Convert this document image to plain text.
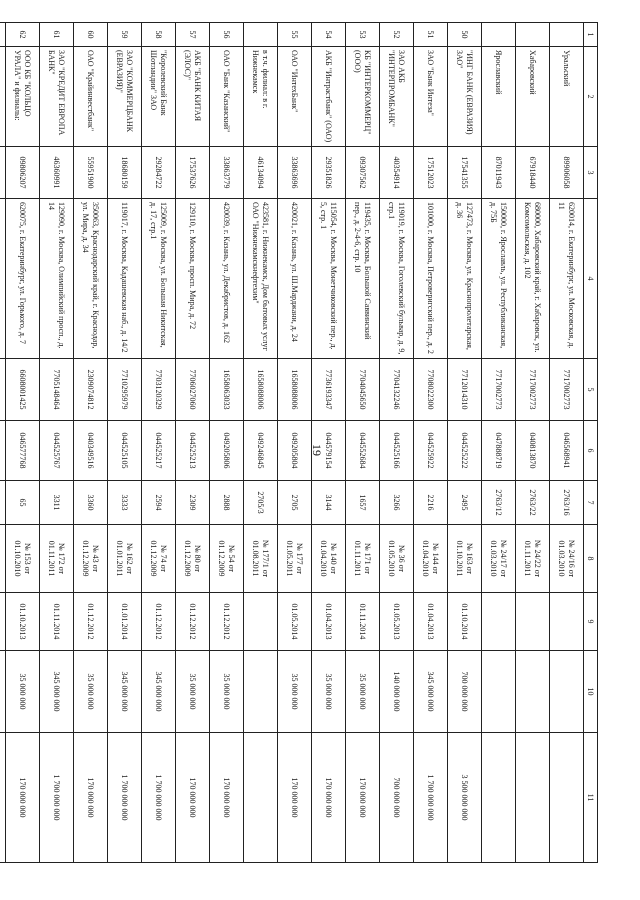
19
1	2	3	4	5	6	7	8	9	10	11
	Уральский	89906058	620014, г. Екатеринбург, ул. Московская, д. 11	7717002773	046568941	2763/16	№ 24/16 от 01.03.2010			
	Хабаровский	67918440	680000, Хабаровский край, г. Хабаровск, ул. Комсомольская, д. 102	7717002773	040813870	2763/22	№ 24/22 от 01.11.2011			
	Ярославский	87011943	150000, г. Ярославль, ул. Республиканская, д. 75Б	7717002773	047888719	2763/12	№ 24/17 от 01.03.2010			
50	"ИНГ БАНК (ЕВРАЗИЯ) ЗАО"	17541355	127473, г. Москва, ул. Краснопролетарская, д. 36	7712014310	044525222	2495	№ 163 от 01.10.2011	01.10.2014	700 000 000	3 500 000 000
51	ЗАО "Банк Интеза"	17512023	101000, г. Москва, Петроверигский пер., д. 2	7708022300	044525922	2216	№ 144 от 01.04.2010	01.04.2013	345 000 000	1 700 000 000
52	ЗАО АКБ "ИНТЕРПРОМБАНК"	40354914	119019, г. Москва, Гоголевский бульвар, д. 9, стр.1	7704132246	044525166	3266	№ 36 от 01.05.2010	01.05.2013	140 000 000	700 000 000
53	КБ "ИНТЕРКОММЕРЦ" (ООО)	09307562	119435, г. Москва, Большой Саввинский пер., д. 2-4-6, стр. 10	7704045650	044552684	1657	№ 171 от 01.11.2011	01.11.2014	35 000 000	170 000 000
54	АКБ "Интрастбанк" (ОАО)	29351826	115054, г. Москва, Монетчиковский пер., д. 5, стр. 1	7736193347	044579154	3144	№ 140 от 01.04.2010	01.04.2013	35 000 000	170 000 000
55	ОАО "ИнтехБанк"	33863696	420021, г. Казань, ул. Ш.Марджани, д. 24	1658088006	049205804	2705	№ 177 от 01.05.2011	01.05.2014	35 000 000	170 000 000
	в т.ч. филиал: в г. Нижнекамск	46134094	423581, г. Нижнекамск, Дом бытовых услуг ОАО "Нижнекамскнефтехим"	1658088006	049246845	2705/3	№ 177/1 от 01.08.2011			
56	ОАО "Банк "Казанский"	33863779	420039, г. Казань, ул. Декабристов, д. 162	1658063033	049205806	2888	№ 54 от 01.12.2009	01.12.2012	35 000 000	170 000 000
57	АКБ "БАНК КИТАЯ (ЭЛОС)"	17537626	129110, г. Москва, просп. Мира, д. 72	7706027060	044525213	2309	№ 80 от 01.12.2009	01.12.2012	35 000 000	170 000 000
58	"Королевский Банк Шотландии" ЗАО	29284722	125009, г. Москва, ул. Большая Никитская, д. 17, стр.1	7703120329	044525217	2594	№ 74 от 01.12.2009	01.12.2012	345 000 000	1 700 000 000
59	ЗАО "КОММЕРЦБАНК (ЕВРАЗИЯ)"	18680159	119017, г. Москва, Кадашевская наб., д. 14/2	7710295979	044525105	3333	№ 162 от 01.01.2011	01.01.2014	345 000 000	1 700 000 000
60	ОАО "Крайинвестбанк"	55951900	350063, Краснодарский край, г. Краснодар, ул. Мира, д. 34	2309074812	040349516	3360	№ 43 от 01.12.2009	01.12.2012	35 000 000	170 000 000
61	ЗАО "КРЕДИТ ЕВРОПА БАНК"	46360991	129090, г. Москва, Олимпийский просп., д. 14	7705148464	044525767	3311	№ 172 от 01.11.2011	01.11.2014	345 000 000	1 700 000 000
62	ООО КБ "КОЛЬЦО УРАЛА" и филиалы:	09806207	620075, г. Екатеринбург, ул. Горького, д. 7	6608001425	046577768	65	№ 153 от 01.10.2010	01.10.2013	35 000 000	170 000 000
